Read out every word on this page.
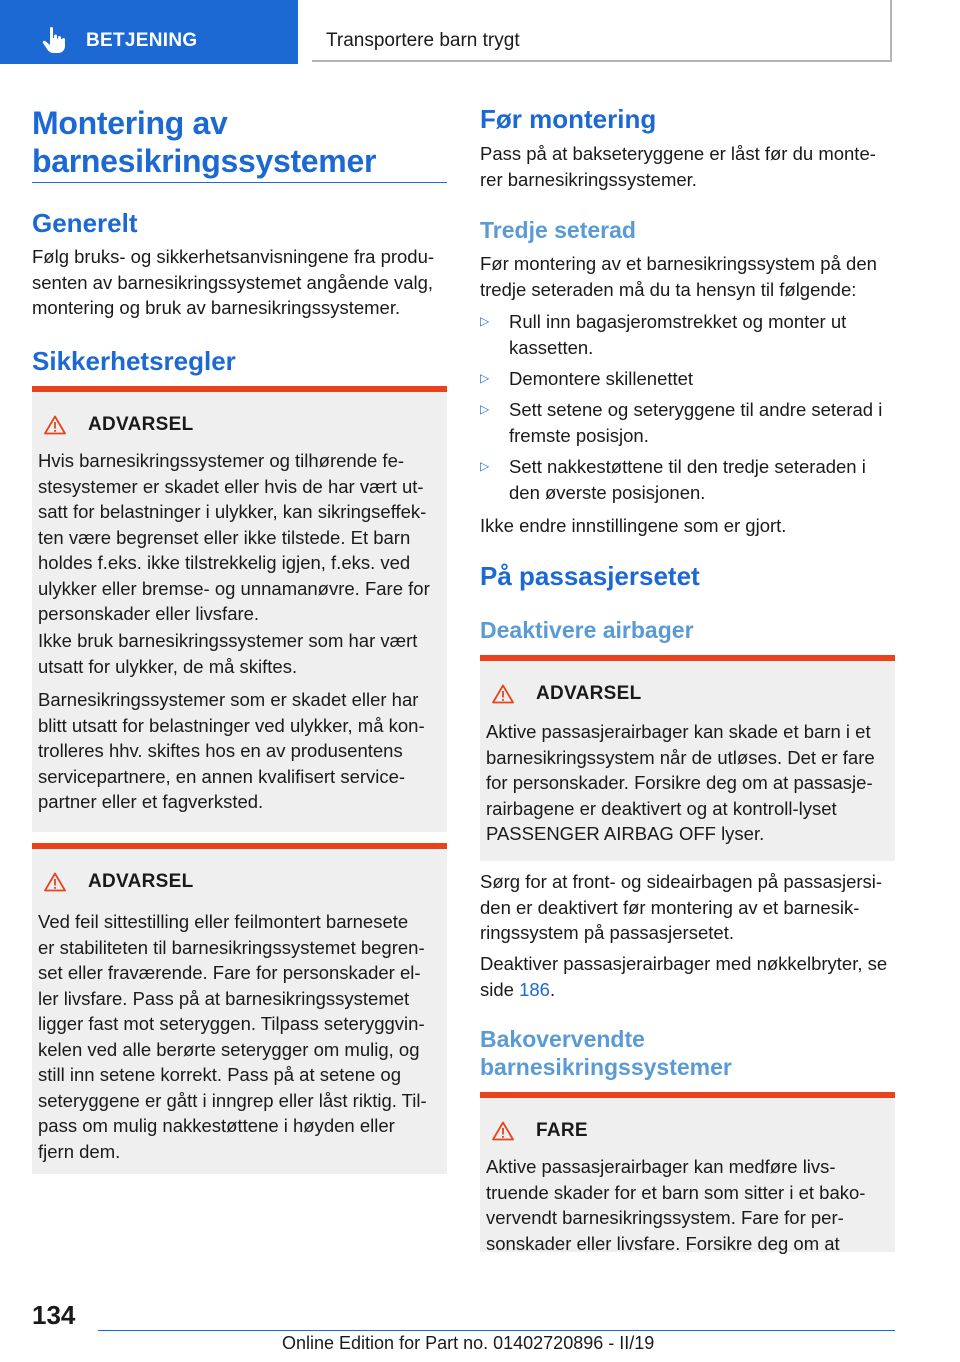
BETJENING	Transportere barn trygt
Montering av barnesikringssystemer
Generelt

Følg bruks- og sikkerhetsanvisningene fra produ-
senten av barnesikringssystemet angående valg,
montering og bruk av barnesikringssystemer.

Sikkerhetsregler
ADVARSEL

Hvis barnesikringssystemer og tilhørende fe-
stesystemer er skadet eller hvis de har vært ut-
satt for belastninger i ulykker, kan sikringseffek-
ten være begrenset eller ikke tilstede. Et barn
holdes f.eks. ikke tilstrekkelig igjen, f.eks. ved
ulykker eller bremse- og unnamanøvre. Fare for
personskader eller livsfare.

Ikke bruk barnesikringssystemer som har vært
utsatt for ulykker, de må skiftes.

Barnesikringssystemer som er skadet eller har
blitt utsatt for belastninger ved ulykker, må kon-
trolleres hhv. skiftes hos en av produsentens
servicepartnere, en annen kvalifisert service-
partner eller et fagverksted.

ADVARSEL

Ved feil sittestilling eller feilmontert barnesete
er stabiliteten til barnesikringssystemet begren-
set eller fraværende. Fare for personskader el-
ler livsfare. Pass på at barnesikringssystemet
ligger fast mot seteryggen. Tilpass seteryggvin-
kelen ved alle berørte seterygger om mulig, og
still inn setene korrekt. Pass på at setene og
seteryggene er gått i inngrep eller låst riktig. Til-
pass om mulig nakkestøttene i høyden eller
fjern dem.

Før montering

Pass på at bakseteryggene er låst før du monte-
rer barnesikringssystemer.

Tredje seterad

Før montering av et barnesikringssystem på den
tredje seteraden må du ta hensyn til følgende:

▷	Rull inn bagasjeromstrekket og monter ut
kassetten.
▷	Demontere skillenettet
▷	Sett setene og seteryggene til andre seterad i
fremste posisjon.
▷	Sett nakkestøttene til den tredje seteraden i
den øverste posisjonen.

Ikke endre innstillingene som er gjort.

På passasjersetet
Deaktivere airbager
ADVARSEL

Aktive passasjerairbager kan skade et barn i et
barnesikringssystem når de utløses. Det er fare
for personskader. Forsikre deg om at passasje-
rairbagene er deaktivert og at kontroll-lyset
PASSENGER AIRBAG OFF lyser.

Sørg for at front- og sideairbagen på passasjersi-
den er deaktivert før montering av et barnesik-
ringssystem på passasjersetet.

Deaktiver passasjerairbager med nøkkelbryter, se
side 186.

Bakovervendte
barnesikringssystemer
FARE

Aktive passasjerairbager kan medføre livs-
truende skader for et barn som sitter i et bako-
vervendt barnesikringssystem. Fare for per-
sonskader eller livsfare. Forsikre deg om at

134
Online Edition for Part no. 01402720896 - II/19
